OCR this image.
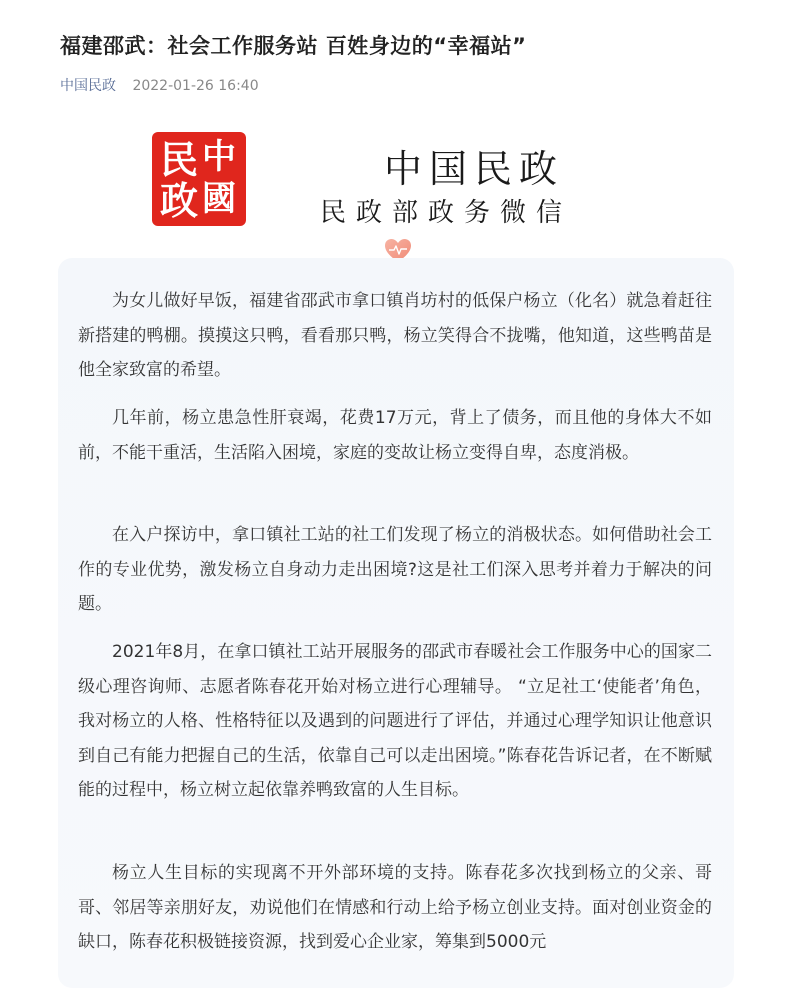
福建邵武：社会工作服务站 百姓身边的“幸福站”
中国民政 2022-01-26 16:40
民 中
政 國
中国民政
民政部政务微信

为女儿做好早饭，福建省邵武市拿口镇肖坊村的低保户杨立（化名）就急着赶往新搭建的鸭棚。摸摸这只鸭，看看那只鸭，杨立笑得合不拢嘴，他知道，这些鸭苗是他全家致富的希望。

几年前，杨立患急性肝衰竭，花费17万元，背上了债务，而且他的身体大不如前，不能干重活，生活陷入困境，家庭的变故让杨立变得自卑，态度消极。

在入户探访中，拿口镇社工站的社工们发现了杨立的消极状态。如何借助社会工作的专业优势，激发杨立自身动力走出困境?这是社工们深入思考并着力于解决的问题。

2021年8月，在拿口镇社工站开展服务的邵武市春暖社会工作服务中心的国家二级心理咨询师、志愿者陈春花开始对杨立进行心理辅导。 “立足社工‘使能者’角色，我对杨立的人格、性格特征以及遇到的问题进行了评估，并通过心理学知识让他意识到自己有能力把握自己的生活，依靠自己可以走出困境。”陈春花告诉记者，在不断赋能的过程中，杨立树立起依靠养鸭致富的人生目标。

杨立人生目标的实现离不开外部环境的支持。陈春花多次找到杨立的父亲、哥哥、邻居等亲朋好友，劝说他们在情感和行动上给予杨立创业支持。面对创业资金的缺口，陈春花积极链接资源，找到爱心企业家，筹集到5000元
